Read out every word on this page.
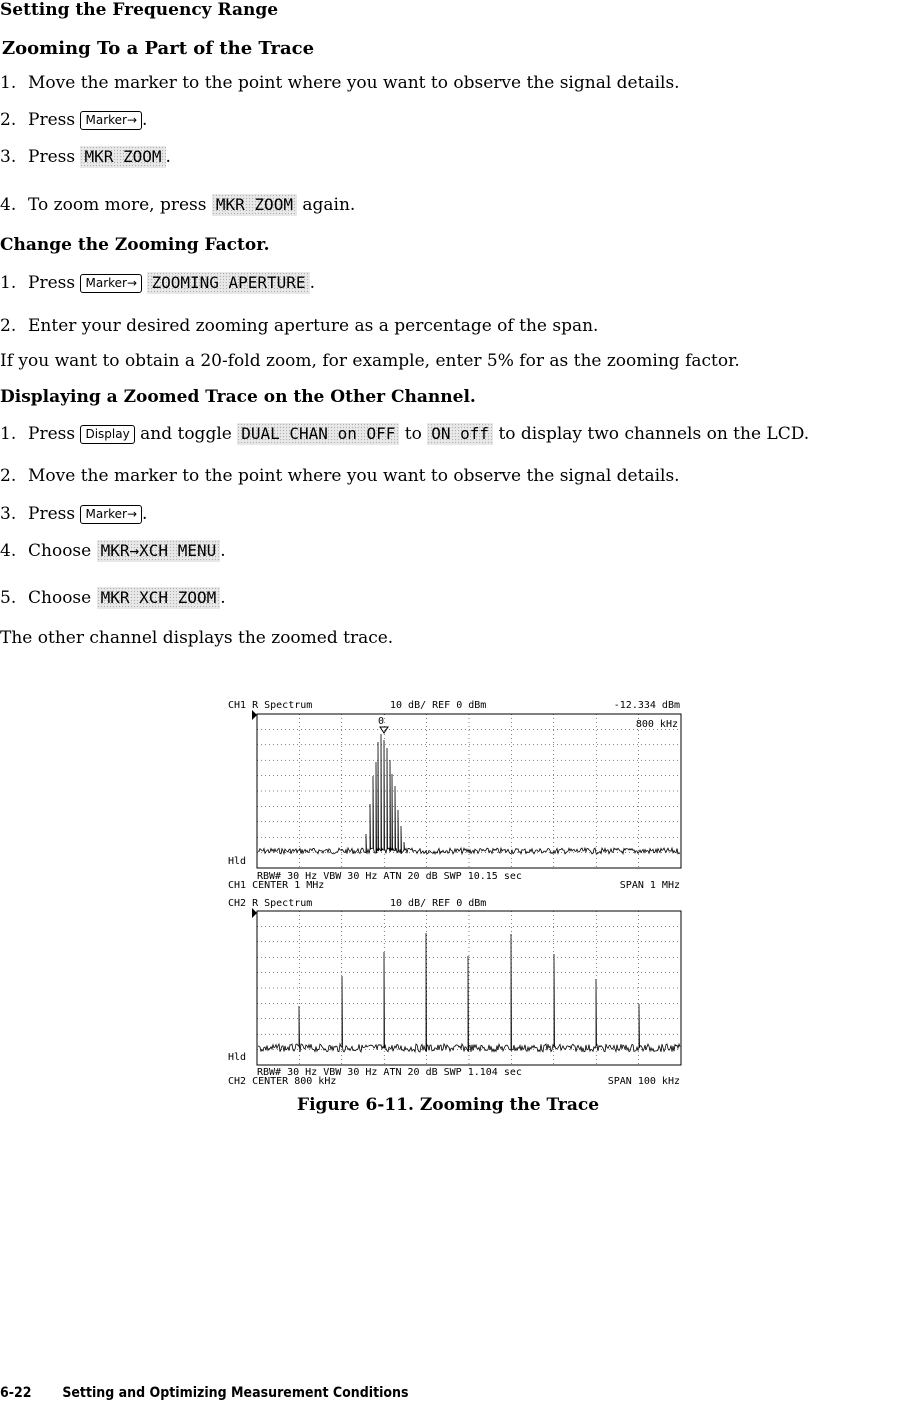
Setting the Frequency Range
Zooming To a Part of the Trace
1. Move the marker to the point where you want to observe the signal details.
2. Press Marker→ .
3. Press MKR ZOOM .
4. To zoom more, press MKR ZOOM again.
Change the Zooming Factor.
1. Press Marker→ ZOOMING APERTURE .
2. Enter your desired zooming aperture as a percentage of the span.
If you want to obtain a 20-fold zoom, for example, enter 5% for as the zooming factor.
Displaying a Zoomed Trace on the Other Channel.
1. Press Display and toggle DUAL CHAN on OFF to ON off to display two channels on the LCD.
2. Move the marker to the point where you want to observe the signal details.
3. Press Marker→ .
4. Choose MKR→XCH MENU .
5. Choose MKR XCH ZOOM .
The other channel displays the zoomed trace.
CH1 R Spectrum	10 dB/ REF 0 dBm	-12.334 dBm
0	800 kHz
Hld
RBW# 30 Hz VBW 30 Hz ATN 20 dB SWP 10.15 sec
CH1 CENTER 1 MHz	SPAN 1 MHz
CH2 R Spectrum	10 dB/ REF 0 dBm
Hld
RBW# 30 Hz VBW 30 Hz ATN 20 dB SWP 1.104 sec
CH2 CENTER 800 kHz	SPAN 100 kHz
Figure 6-11. Zooming the Trace
6-22 Setting and Optimizing Measurement Conditions
